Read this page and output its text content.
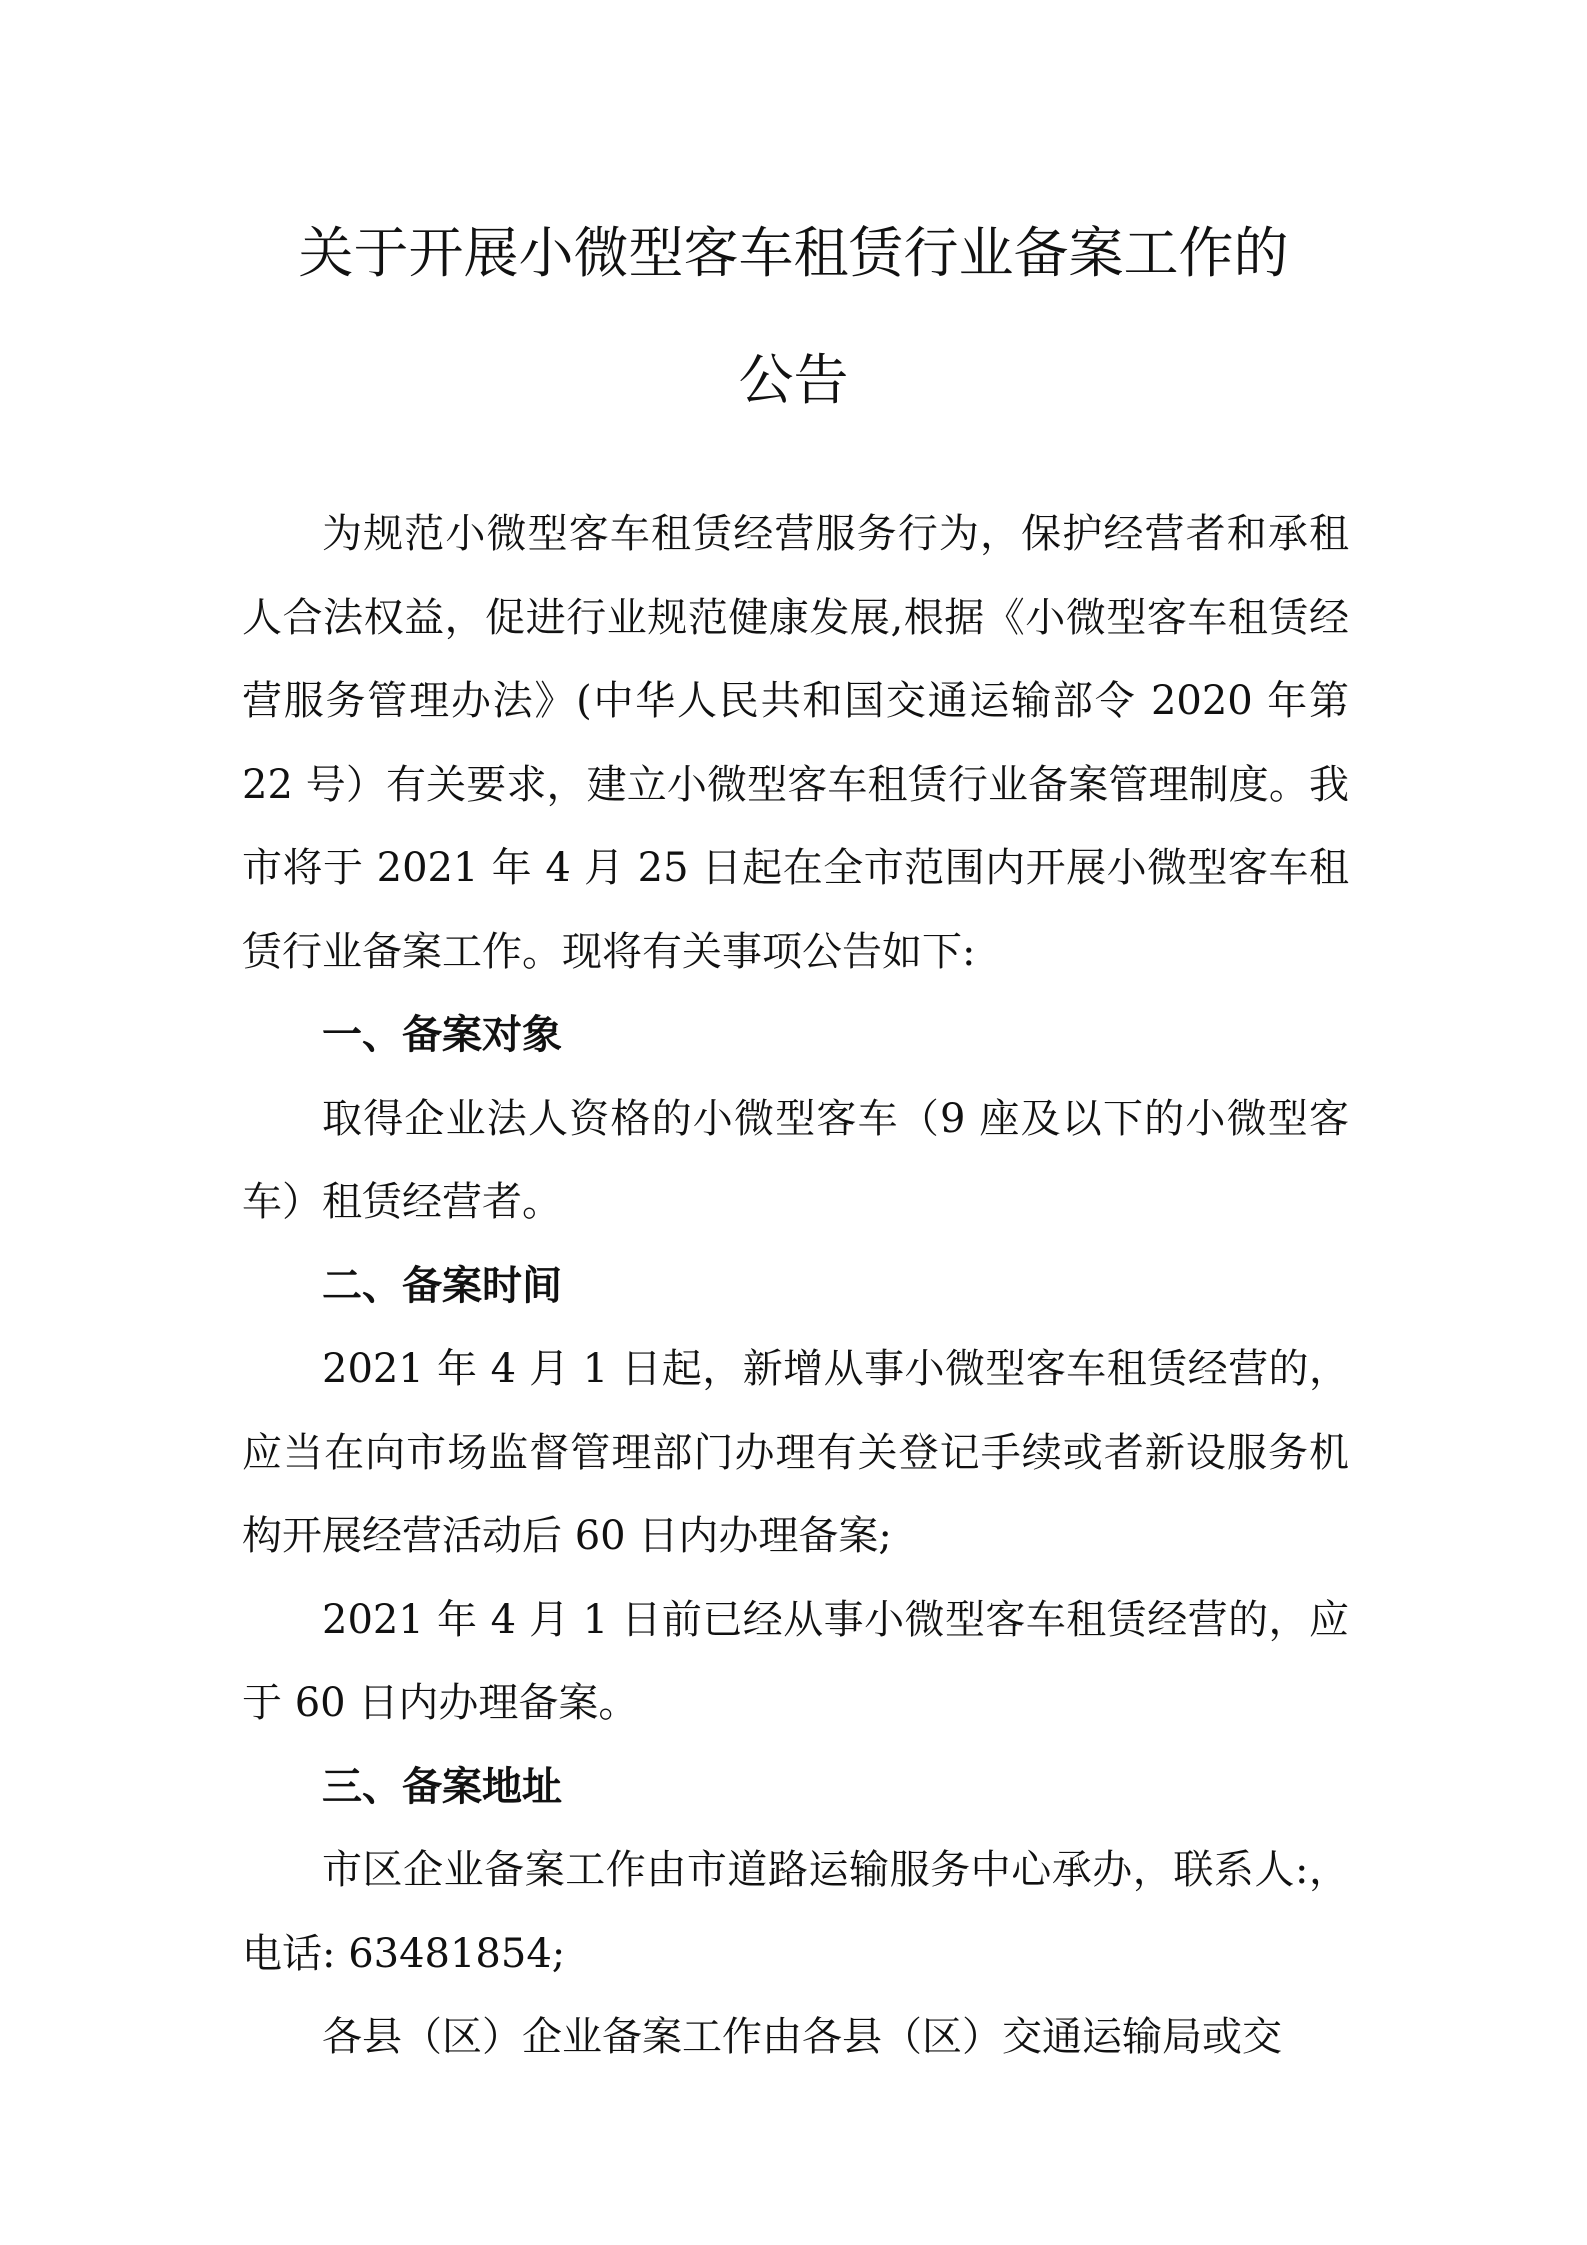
关于开展小微型客车租赁行业备案工作的
公告

为规范小微型客车租赁经营服务行为，保护经营者和承租人合法权益，促进行业规范健康发展,根据《小微型客车租赁经营服务管理办法》(中华人民共和国交通运输部令 2020 年第 22 号）有关要求，建立小微型客车租赁行业备案管理制度。我市将于 2021 年 4 月 25 日起在全市范围内开展小微型客车租赁行业备案工作。现将有关事项公告如下:

一、备案对象

取得企业法人资格的小微型客车（9 座及以下的小微型客车）租赁经营者。

二、备案时间

2021 年 4 月 1 日起，新增从事小微型客车租赁经营的，应当在向市场监督管理部门办理有关登记手续或者新设服务机构开展经营活动后 60 日内办理备案;

2021 年 4 月 1 日前已经从事小微型客车租赁经营的，应于 60 日内办理备案。

三、备案地址

市区企业备案工作由市道路运输服务中心承办，联系人:，电话: 63481854;

各县（区）企业备案工作由各县（区）交通运输局或交
